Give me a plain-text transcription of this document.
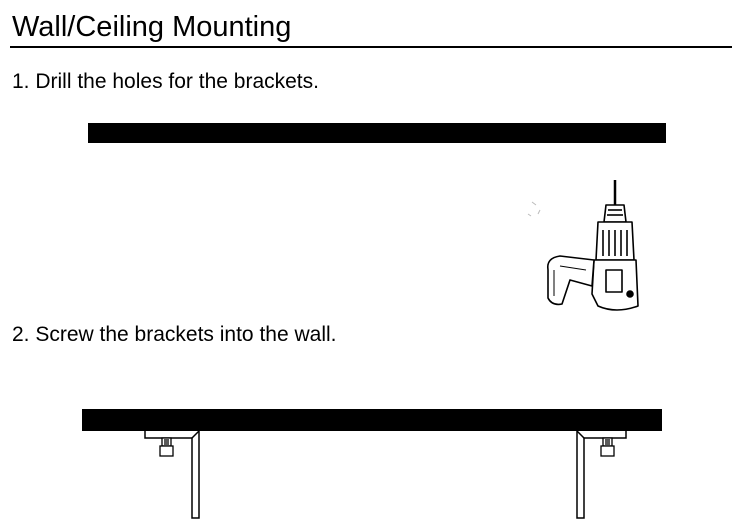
Wall/Ceiling Mounting
1. Drill the holes for the brackets.
2. Screw the brackets into the wall.
